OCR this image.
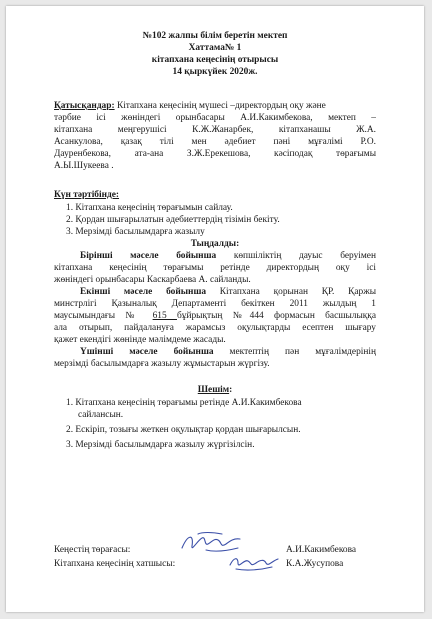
№102 жалпы білім беретін мектеп
Хаттама№ 1
кітапхана кеңесінің отырысы
14 қыркүйек 2020ж.
Қатысқандар: Кітапхана кеңесінің мүшесі –директордың оқу және
тәрбие ісі жөніндегі орынбасары А.И.Какимбекова, мектеп –
кітапхана меңгерушісі К.Ж.Жанарбек, кітапханашы Ж.А.
Асанкулова, қазақ тілі мен әдебиет пәні мұғалімі Р.О.
Дауренбекова, ата-ана З.Ж.Ерекешова, кәсіподақ төрағымы
А.Ы.Шукеева .
Күн тәртібінде:
1. Кітапхана кеңесінің төрағымын сайлау.
2. Қордан шығарылатын әдебиеттердің тізімін бекіту.
3. Мерзімді басылымдарға жазылу
Тыңдалды:
Бірінші мәселе бойынша көпшіліктің дауыс беруімен
кітапхана кеңесінің төрағымы ретінде директордың оқу ісі
жөніндегі орынбасары Каскарбаева А. сайланды.
Екінші мәселе бойынша Кітапхана қорынан ҚР. Қаржы
минстрлігі Қазыналық Департаменті бекіткен 2011 жылдың 1
маусымындағы № 615 бұйрықтың №444 формасын басшылыққа
ала отырып, пайдалануға жарамсыз оқулықтарды есептен шығару
қажет екендігі жөнінде мәлімдеме жасады.
Үшінші мәселе бойынша мектептің пән мұғалімдерінің
мерзімді басылымдарға жазылу жұмыстарын жүргізу.
Шешім:
1. Кітапхана кеңесінің төрағымы ретінде А.И.Какимбекова
сайлансын.
2. Ескіріп, тозығы жеткен оқулықтар қордан шығарылсын.
3. Мерзімді басылымдарға жазылу жүргізілсін.
Кеңестің төрағасы:	А.И.Какимбекова
Кітапхана кеңесінің хатшысы:	К.А.Жусупова
